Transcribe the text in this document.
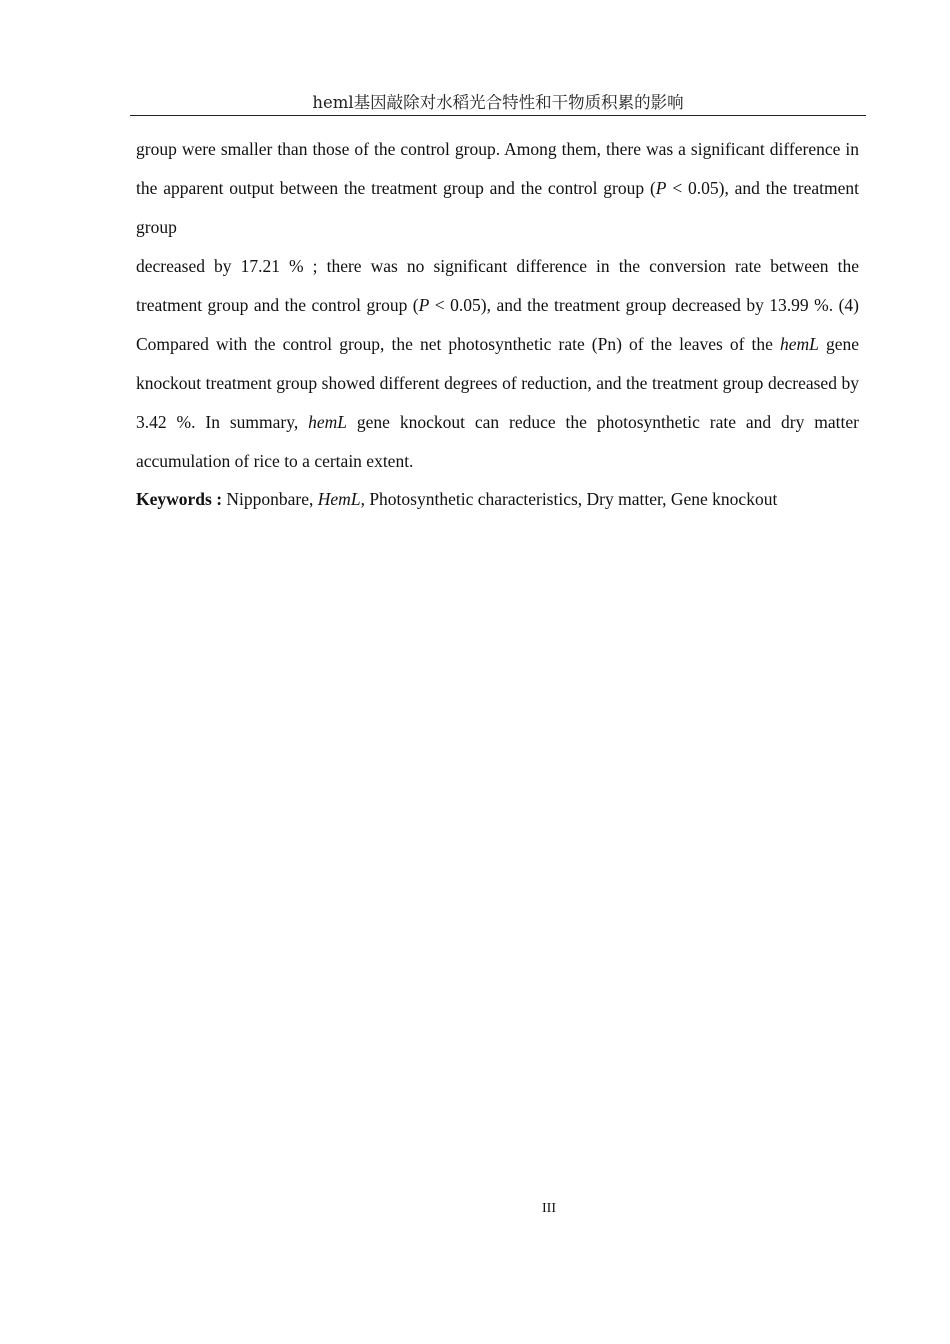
heml基因敲除对水稻光合特性和干物质积累的影响

group were smaller than those of the control group. Among them, there was a significant difference in the apparent output between the treatment group and the control group (P < 0.05), and the treatment group

decreased by 17.21 % ; there was no significant difference in the conversion rate between the treatment group and the control group (P < 0.05), and the treatment group decreased by 13.99 %. (4) Compared with the control group, the net photosynthetic rate (Pn) of the leaves of the hemL gene knockout treatment group showed different degrees of reduction, and the treatment group decreased by 3.42 %. In summary, hemL gene knockout can reduce the photosynthetic rate and dry matter accumulation of rice to a certain extent.

Keywords : Nipponbare, HemL, Photosynthetic characteristics, Dry matter, Gene knockout

III
